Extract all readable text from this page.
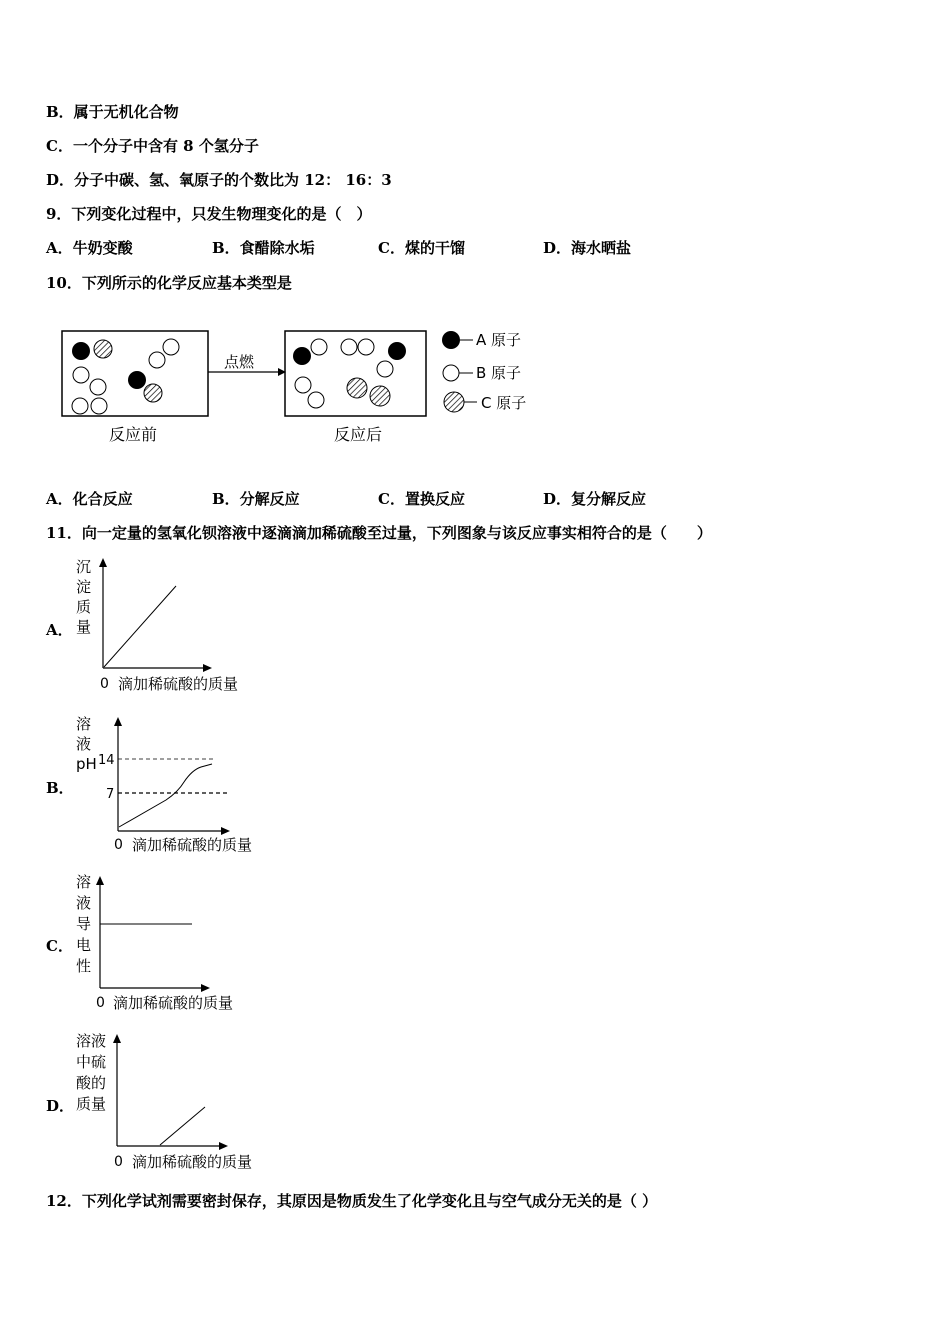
B．属于无机化合物
C．一个分子中含有 8 个氢分子
D．分子中碳、氢、氧原子的个数比为 12： 16：3
9．下列变化过程中，只发生物理变化的是（　）
A．牛奶变酸	B．食醋除水垢	C．煤的干馏	D．海水晒盐
10．下列所示的化学反应基本类型是
点燃
反应前	反应后
A 原子
B 原子
C 原子
A．化合反应	B．分解反应	C．置换反应	D．复分解反应
11．向一定量的氢氧化钡溶液中逐滴滴加稀硫酸至过量，下列图象与该反应事实相符合的是（　　）
A．
沉
淀
质
量
0 滴加稀硫酸的质量
B．
溶
液
pH 14
7
0 滴加稀硫酸的质量
C．
溶
液
导
电
性
0 滴加稀硫酸的质量
D．
溶液
中硫
酸的
质量
0 滴加稀硫酸的质量
12．下列化学试剂需要密封保存，其原因是物质发生了化学变化且与空气成分无关的是（ ）
